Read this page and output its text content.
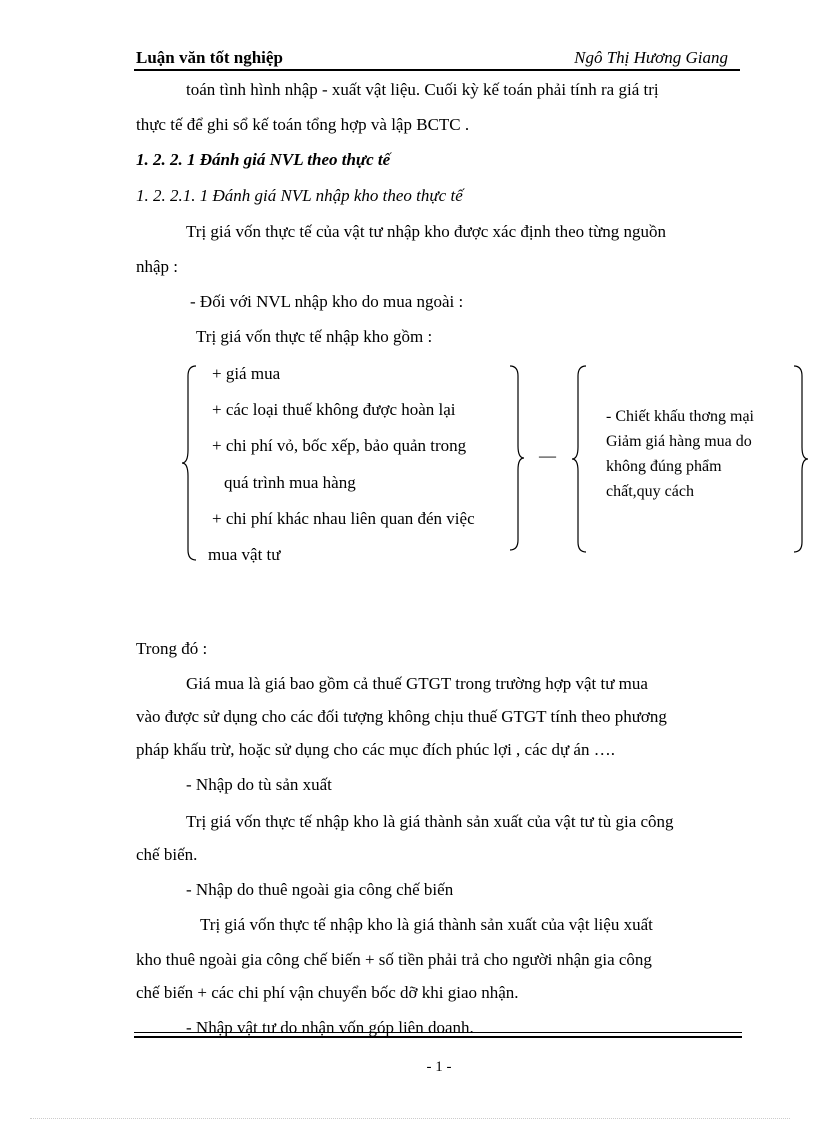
Luận văn tốt nghiệp	Ngô Thị Hương Giang
toán tình hình nhập - xuất vật liệu. Cuối kỳ kế toán phải tính ra giá trị
thực tế để ghi sổ kế toán tổng hợp và lập BCTC .
1. 2. 2. 1 Đánh giá NVL theo thực tế
1. 2. 2.1. 1 Đánh giá NVL nhập kho theo thực tế
Trị giá vốn thực tế của vật tư nhập kho được xác định theo từng nguồn
nhập :
- Đối với NVL nhập kho do mua ngoài :
Trị giá vốn thực tế nhập kho gồm :
+ giá mua
+ các loại thuế không được hoàn lại
+ chi phí vỏ, bốc xếp, bảo quản trong
quá trình mua hàng
+ chi phí khác nhau liên quan đén việc
mua vật tư
—
- Chiết khấu thơng mại
Giảm giá hàng mua do
không đúng phẩm
chất,quy cách
Trong đó :
Giá mua là giá bao gồm cả thuế GTGT trong trường hợp vật tư mua
vào được sử dụng cho các đối tượng không chịu thuế GTGT tính theo phương
pháp khấu trừ, hoặc sử dụng cho các mục đích phúc lợi , các dự án ….
- Nhập do tù sản xuất
Trị giá vốn thực tế nhập kho là giá thành sản xuất của vật tư tù gia công
chế biến.
- Nhập do thuê ngoài gia công chế biến
Trị giá vốn thực tế nhập kho là giá thành sản xuất của vật liệu xuất
kho thuê ngoài gia công chế biến + số tiền phải trả cho người nhận gia công
chế biến + các chi phí vận chuyển bốc dỡ khi giao nhận.
- Nhập vật tư do nhận vốn góp liên doanh.
- 1 -
